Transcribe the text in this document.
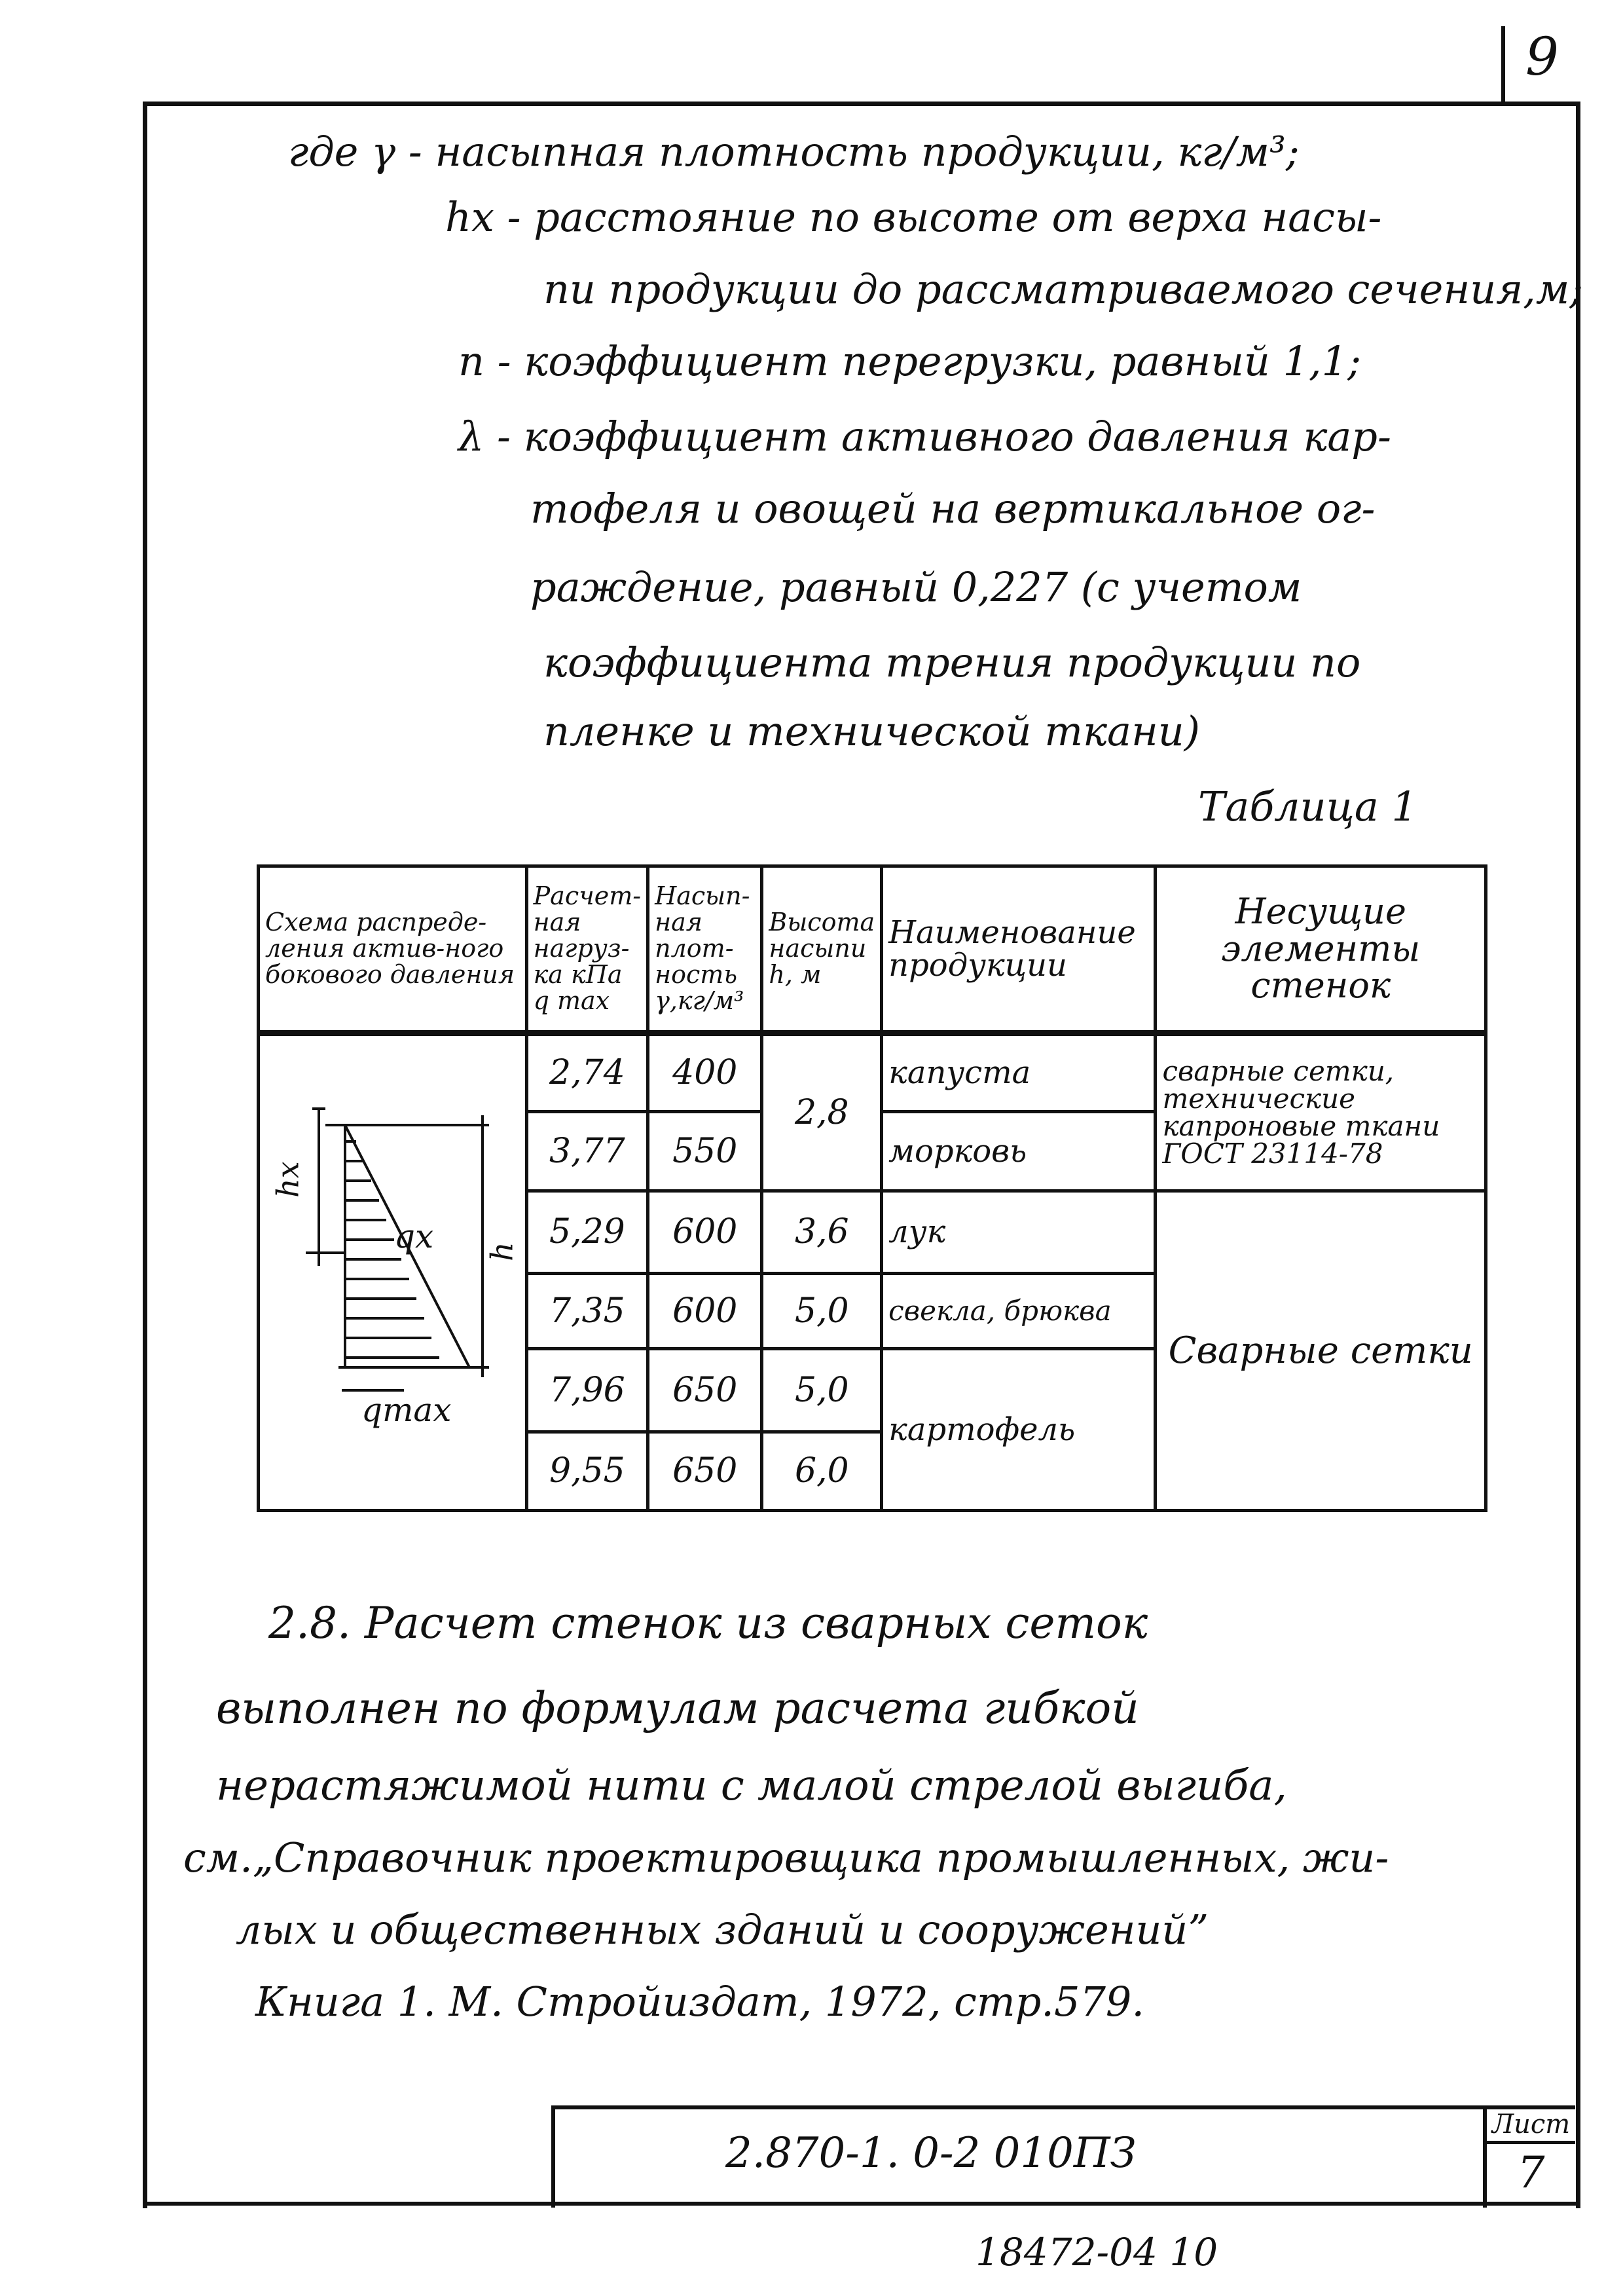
9
где γ - насыпная плотность продукции, кг/м³;
hx - расстояние по высоте от верха насы-
пи продукции до рассматриваемого сечения,м;
n - коэффициент перегрузки, равный 1,1;
λ - коэффициент активного давления кар-
тофеля и овощей на вертикальное ог-
раждение, равный 0,227 (с учетом
коэффициента трения продукции по
пленке и технической ткани)
Таблица 1
Схема распреде-ления актив-ного бокового давления	Расчет-ная нагруз-ка кПа q max	Насып-ная плот-ность γ,кг/м³	Высота насыпи h, м	Наименование продукции	Несущие элементы стенок

hx
qx h
qmax	2,74	400	2,8	капуста	сварные сетки, технические капроновые ткани ГОСТ 23114-78
	3,77	550		морковь	
	5,29	600	3,6	лук	Сварные сетки
	7,35	600	5,0	свекла, брюква	
	7,96	650	5,0	картофель	
	9,55	650	6,0		
2.8. Расчет стенок из сварных сеток
выполнен по формулам расчета гибкой
нерастяжимой нити с малой стрелой выгиба,
см.„Справочник проектировщика промышленных, жи-
лых и общественных зданий и сооружений”
Книга 1. М. Стройиздат, 1972, стр.579.
2.870-1. 0-2 010ПЗ
Лист
7
18472-04 10
